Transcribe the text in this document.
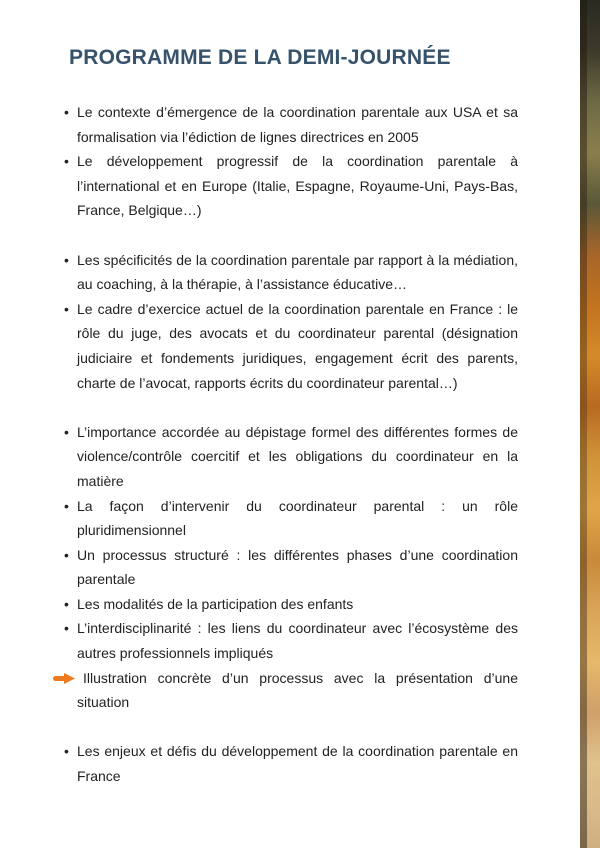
PROGRAMME DE LA DEMI-JOURNÉE
• Le contexte d’émergence de la coordination parentale aux USA et sa formalisation via l’édiction de lignes directrices en 2005
• Le développement progressif de la coordination parentale à l’international et en Europe (Italie, Espagne, Royaume-Uni, Pays-Bas, France, Belgique…)
• Les spécificités de la coordination parentale par rapport à la médiation, au coaching, à la thérapie, à l’assistance éducative…
• Le cadre d’exercice actuel de la coordination parentale en France : le rôle du juge, des avocats et du coordinateur parental (désignation judiciaire et fondements juridiques, engagement écrit des parents, charte de l’avocat, rapports écrits du coordinateur parental…)
• L’importance accordée au dépistage formel des différentes formes de violence/contrôle coercitif et les obligations du coordinateur en la matière
• La façon d’intervenir du coordinateur parental : un rôle pluridimensionnel
• Un processus structuré : les différentes phases d’une coordination parentale
• Les modalités de la participation des enfants
• L’interdisciplinarité : les liens du coordinateur avec l’écosystème des autres professionnels impliqués
Illustration concrète d’un processus avec la présentation d’une situation
• Les enjeux et défis du développement de la coordination parentale en France
